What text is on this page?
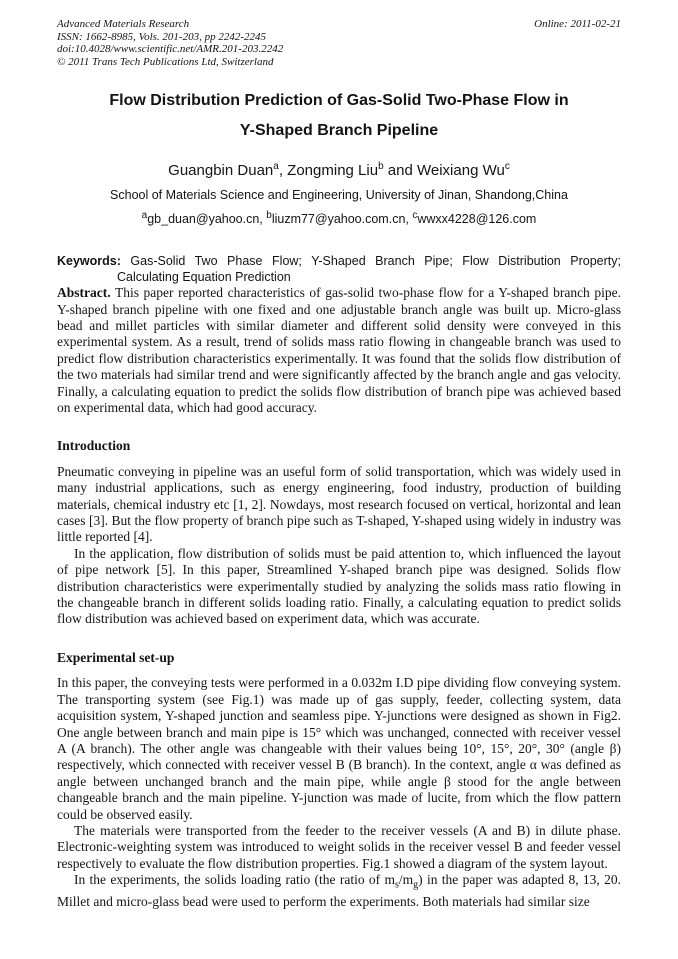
Advanced Materials Research
ISSN: 1662-8985, Vols. 201-203, pp 2242-2245
doi:10.4028/www.scientific.net/AMR.201-203.2242
© 2011 Trans Tech Publications Ltd, Switzerland
Online: 2011-02-21
Flow Distribution Prediction of Gas-Solid Two-Phase Flow in
Y-Shaped Branch Pipeline
Guangbin Duan$^a$, Zongming Liu$^b$ and Weixiang Wu$^c$
School of Materials Science and Engineering, University of Jinan, Shandong,China
$^a$gb_duan@yahoo.cn, $^b$liuzm77@yahoo.com.cn, $^c$wwxx4228@126.com
Keywords: Gas-Solid Two Phase Flow; Y-Shaped Branch Pipe; Flow Distribution Property; Calculating Equation Prediction

Abstract. This paper reported characteristics of gas-solid two-phase flow for a Y-shaped branch pipe. Y-shaped branch pipeline with one fixed and one adjustable branch angle was built up. Micro-glass bead and millet particles with similar diameter and different solid density were conveyed in this experimental system. As a result, trend of solids mass ratio flowing in changeable branch was used to predict flow distribution characteristics experimentally. It was found that the solids flow distribution of the two materials had similar trend and were significantly affected by the branch angle and gas velocity. Finally, a calculating equation to predict the solids flow distribution of branch pipe was achieved based on experimental data, which had good accuracy.

Introduction

Pneumatic conveying in pipeline was an useful form of solid transportation, which was widely used in many industrial applications, such as energy engineering, food industry, production of building materials, chemical industry etc [1, 2]. Nowdays, most research focused on vertical, horizontal and lean cases [3]. But the flow property of branch pipe such as T-shaped, Y-shaped using widely in industry was little reported [4].

In the application, flow distribution of solids must be paid attention to, which influenced the layout of pipe network [5]. In this paper, Streamlined Y-shaped branch pipe was designed. Solids flow distribution characteristics were experimentally studied by analyzing the solids mass ratio flowing in the changeable branch in different solids loading ratio. Finally, a calculating equation to predict solids flow distribution was achieved based on experiment data, which was accurate.

Experimental set-up

In this paper, the conveying tests were performed in a 0.032m I.D pipe dividing flow conveying system. The transporting system (see Fig.1) was made up of gas supply, feeder, collecting system, data acquisition system, Y-shaped junction and seamless pipe. Y-junctions were designed as shown in Fig2. One angle between branch and main pipe is 15° which was unchanged, connected with receiver vessel A (A branch). The other angle was changeable with their values being 10°, 15°, 20°, 30° (angle β) respectively, which connected with receiver vessel B (B branch). In the context, angle α was defined as angle between unchanged branch and the main pipe, while angle β stood for the angle between changeable branch and the main pipeline. Y-junction was made of lucite, from which the flow pattern could be observed easily.

The materials were transported from the feeder to the receiver vessels (A and B) in dilute phase. Electronic-weighting system was introduced to weight solids in the receiver vessel B and feeder vessel respectively to evaluate the flow distribution properties. Fig.1 showed a diagram of the system layout.

In the experiments, the solids loading ratio (the ratio of $m_s/m_g$) in the paper was adapted 8, 13, 20. Millet and micro-glass bead were used to perform the experiments. Both materials had similar size
